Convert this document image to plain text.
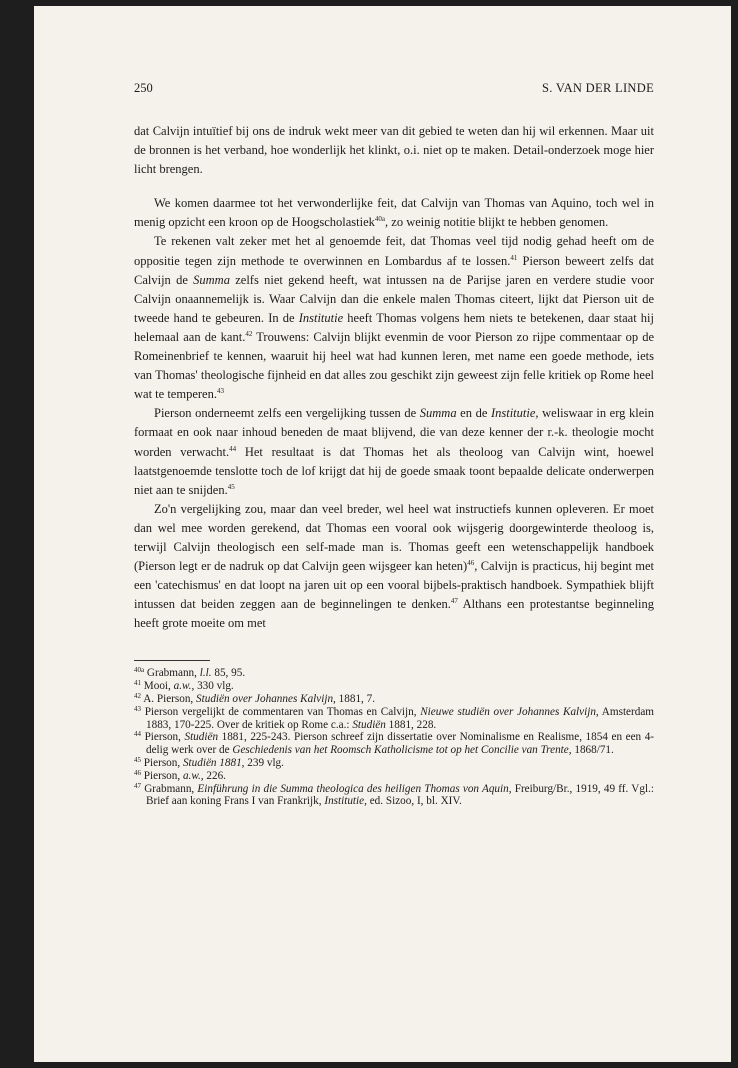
250	S. VAN DER LINDE

dat Calvijn intuïtief bij ons de indruk wekt meer van dit gebied te weten dan hij wil erkennen. Maar uit de bronnen is het verband, hoe wonderlijk het klinkt, o.i. niet op te maken. Detail-onderzoek moge hier licht brengen.

We komen daarmee tot het verwonderlijke feit, dat Calvijn van Thomas van Aquino, toch wel in menig opzicht een kroon op de Hoogscholastiek$^{40a}$, zo weinig notitie blijkt te hebben genomen.

Te rekenen valt zeker met het al genoemde feit, dat Thomas veel tijd nodig gehad heeft om de oppositie tegen zijn methode te overwinnen en Lombardus af te lossen.$^{41}$ Pierson beweert zelfs dat Calvijn de Summa zelfs niet gekend heeft, wat intussen na de Parijse jaren en verdere studie voor Calvijn onaannemelijk is. Waar Calvijn dan die enkele malen Thomas citeert, lijkt dat Pierson uit de tweede hand te gebeuren. In de Institutie heeft Thomas volgens hem niets te betekenen, daar staat hij helemaal aan de kant.$^{42}$ Trouwens: Calvijn blijkt evenmin de voor Pierson zo rijpe commentaar op de Romeinenbrief te kennen, waaruit hij heel wat had kunnen leren, met name een goede methode, iets van Thomas' theologische fijnheid en dat alles zou geschikt zijn geweest zijn felle kritiek op Rome heel wat te temperen.$^{43}$

Pierson onderneemt zelfs een vergelijking tussen de Summa en de Institutie, weliswaar in erg klein formaat en ook naar inhoud beneden de maat blijvend, die van deze kenner der r.-k. theologie mocht worden verwacht.$^{44}$ Het resultaat is dat Thomas het als theoloog van Calvijn wint, hoewel laatstgenoemde tenslotte toch de lof krijgt dat hij de goede smaak toont bepaalde delicate onderwerpen niet aan te snijden.$^{45}$

Zo'n vergelijking zou, maar dan veel breder, wel heel wat instructiefs kunnen opleveren. Er moet dan wel mee worden gerekend, dat Thomas een vooral ook wijsgerig doorgewinterde theoloog is, terwijl Calvijn theologisch een self-made man is. Thomas geeft een wetenschappelijk handboek (Pierson legt er de nadruk op dat Calvijn geen wijsgeer kan heten)$^{46}$, Calvijn is practicus, hij begint met een 'catechismus' en dat loopt na jaren uit op een vooral bijbels-praktisch handboek. Sympathiek blijft intussen dat beiden zeggen aan de beginnelingen te denken.$^{47}$ Althans een protestantse beginneling heeft grote moeite om met

$^{40a}$ Grabmann, l.l. 85, 95.
$^{41}$ Mooi, a.w., 330 vlg.
$^{42}$ A. Pierson, Studiën over Johannes Kalvijn, 1881, 7.
$^{43}$ Pierson vergelijkt de commentaren van Thomas en Calvijn, Nieuwe studiën over Johannes Kalvijn, Amsterdam 1883, 170-225. Over de kritiek op Rome c.a.: Studiën 1881, 228.
$^{44}$ Pierson, Studiën 1881, 225-243. Pierson schreef zijn dissertatie over Nominalisme en Realisme, 1854 en een 4-delig werk over de Geschiedenis van het Roomsch Katholicisme tot op het Concilie van Trente, 1868/71.
$^{45}$ Pierson, Studiën 1881, 239 vlg.
$^{46}$ Pierson, a.w., 226.
$^{47}$ Grabmann, Einführung in die Summa theologica des heiligen Thomas von Aquin, Freiburg/Br., 1919, 49 ff. Vgl.: Brief aan koning Frans I van Frankrijk, Institutie, ed. Sizoo, I, bl. XIV.
